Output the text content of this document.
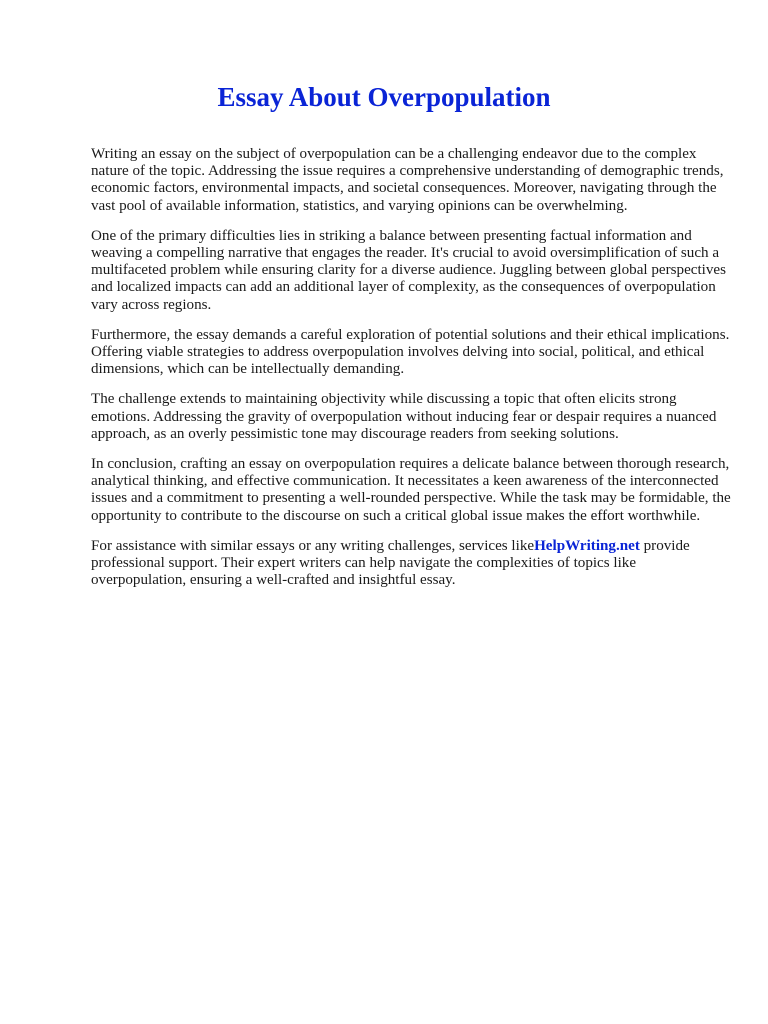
Essay About Overpopulation

Writing an essay on the subject of overpopulation can be a challenging endeavor due to the complex nature of the topic. Addressing the issue requires a comprehensive understanding of demographic trends, economic factors, environmental impacts, and societal consequences. Moreover, navigating through the vast pool of available information, statistics, and varying opinions can be overwhelming.

One of the primary difficulties lies in striking a balance between presenting factual information and weaving a compelling narrative that engages the reader. It's crucial to avoid oversimplification of such a multifaceted problem while ensuring clarity for a diverse audience. Juggling between global perspectives and localized impacts can add an additional layer of complexity, as the consequences of overpopulation vary across regions.

Furthermore, the essay demands a careful exploration of potential solutions and their ethical implications. Offering viable strategies to address overpopulation involves delving into social, political, and ethical dimensions, which can be intellectually demanding.

The challenge extends to maintaining objectivity while discussing a topic that often elicits strong emotions. Addressing the gravity of overpopulation without inducing fear or despair requires a nuanced approach, as an overly pessimistic tone may discourage readers from seeking solutions.

In conclusion, crafting an essay on overpopulation requires a delicate balance between thorough research, analytical thinking, and effective communication. It necessitates a keen awareness of the interconnected issues and a commitment to presenting a well-rounded perspective. While the task may be formidable, the opportunity to contribute to the discourse on such a critical global issue makes the effort worthwhile.

For assistance with similar essays or any writing challenges, services likeHelpWriting.net provide professional support. Their expert writers can help navigate the complexities of topics like overpopulation, ensuring a well-crafted and insightful essay.
